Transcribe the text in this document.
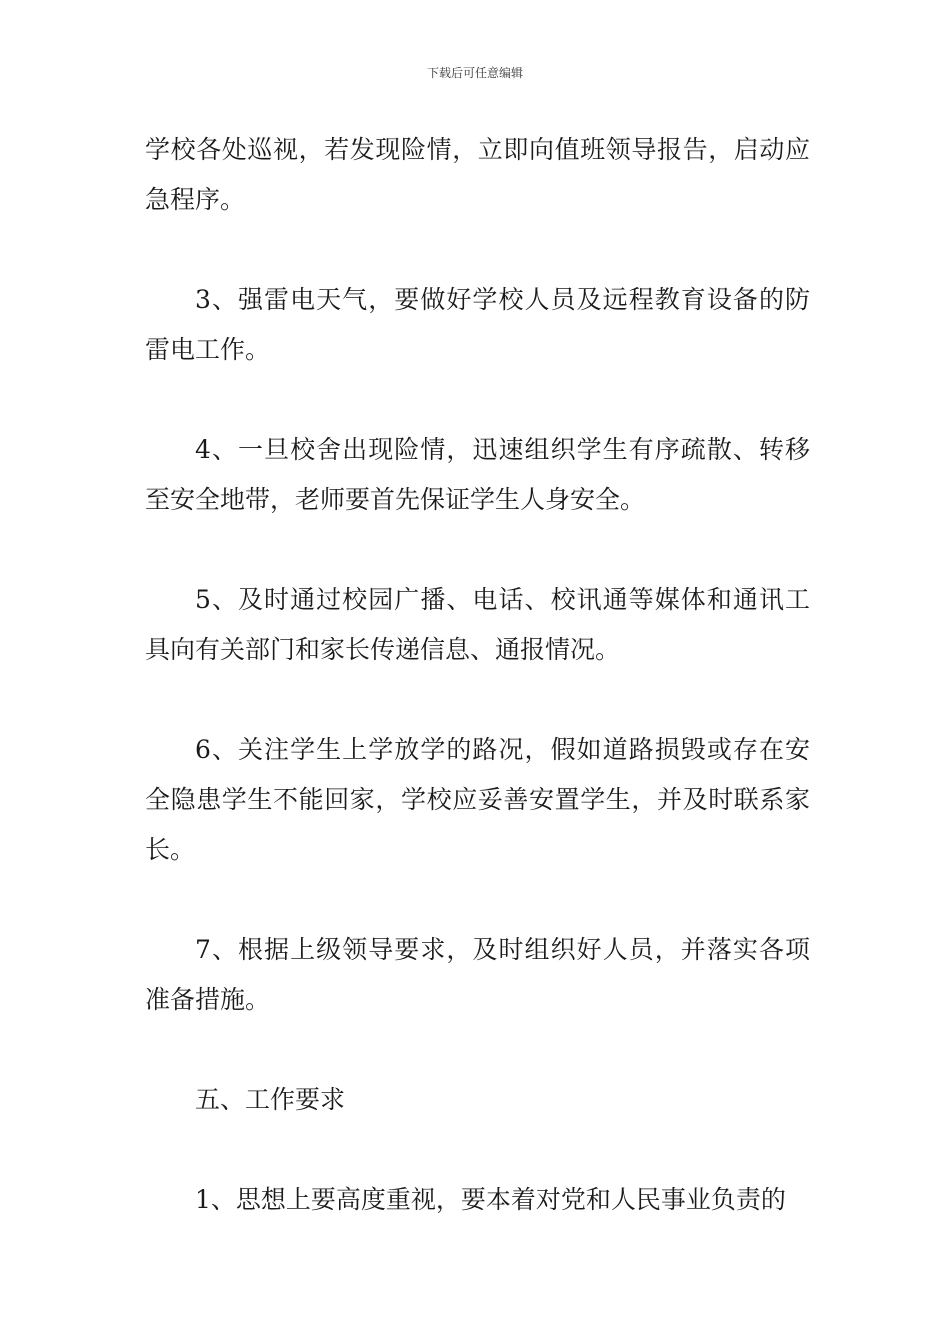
下载后可任意编辑

学校各处巡视，若发现险情，立即向值班领导报告，启动应急程序。

3、强雷电天气，要做好学校人员及远程教育设备的防雷电工作。

4、一旦校舍出现险情，迅速组织学生有序疏散、转移至安全地带，老师要首先保证学生人身安全。

5、及时通过校园广播、电话、校讯通等媒体和通讯工具向有关部门和家长传递信息、通报情况。

6、关注学生上学放学的路况，假如道路损毁或存在安全隐患学生不能回家，学校应妥善安置学生，并及时联系家长。

7、根据上级领导要求，及时组织好人员，并落实各项准备措施。

五、工作要求

1、思想上要高度重视，要本着对党和人民事业负责的
